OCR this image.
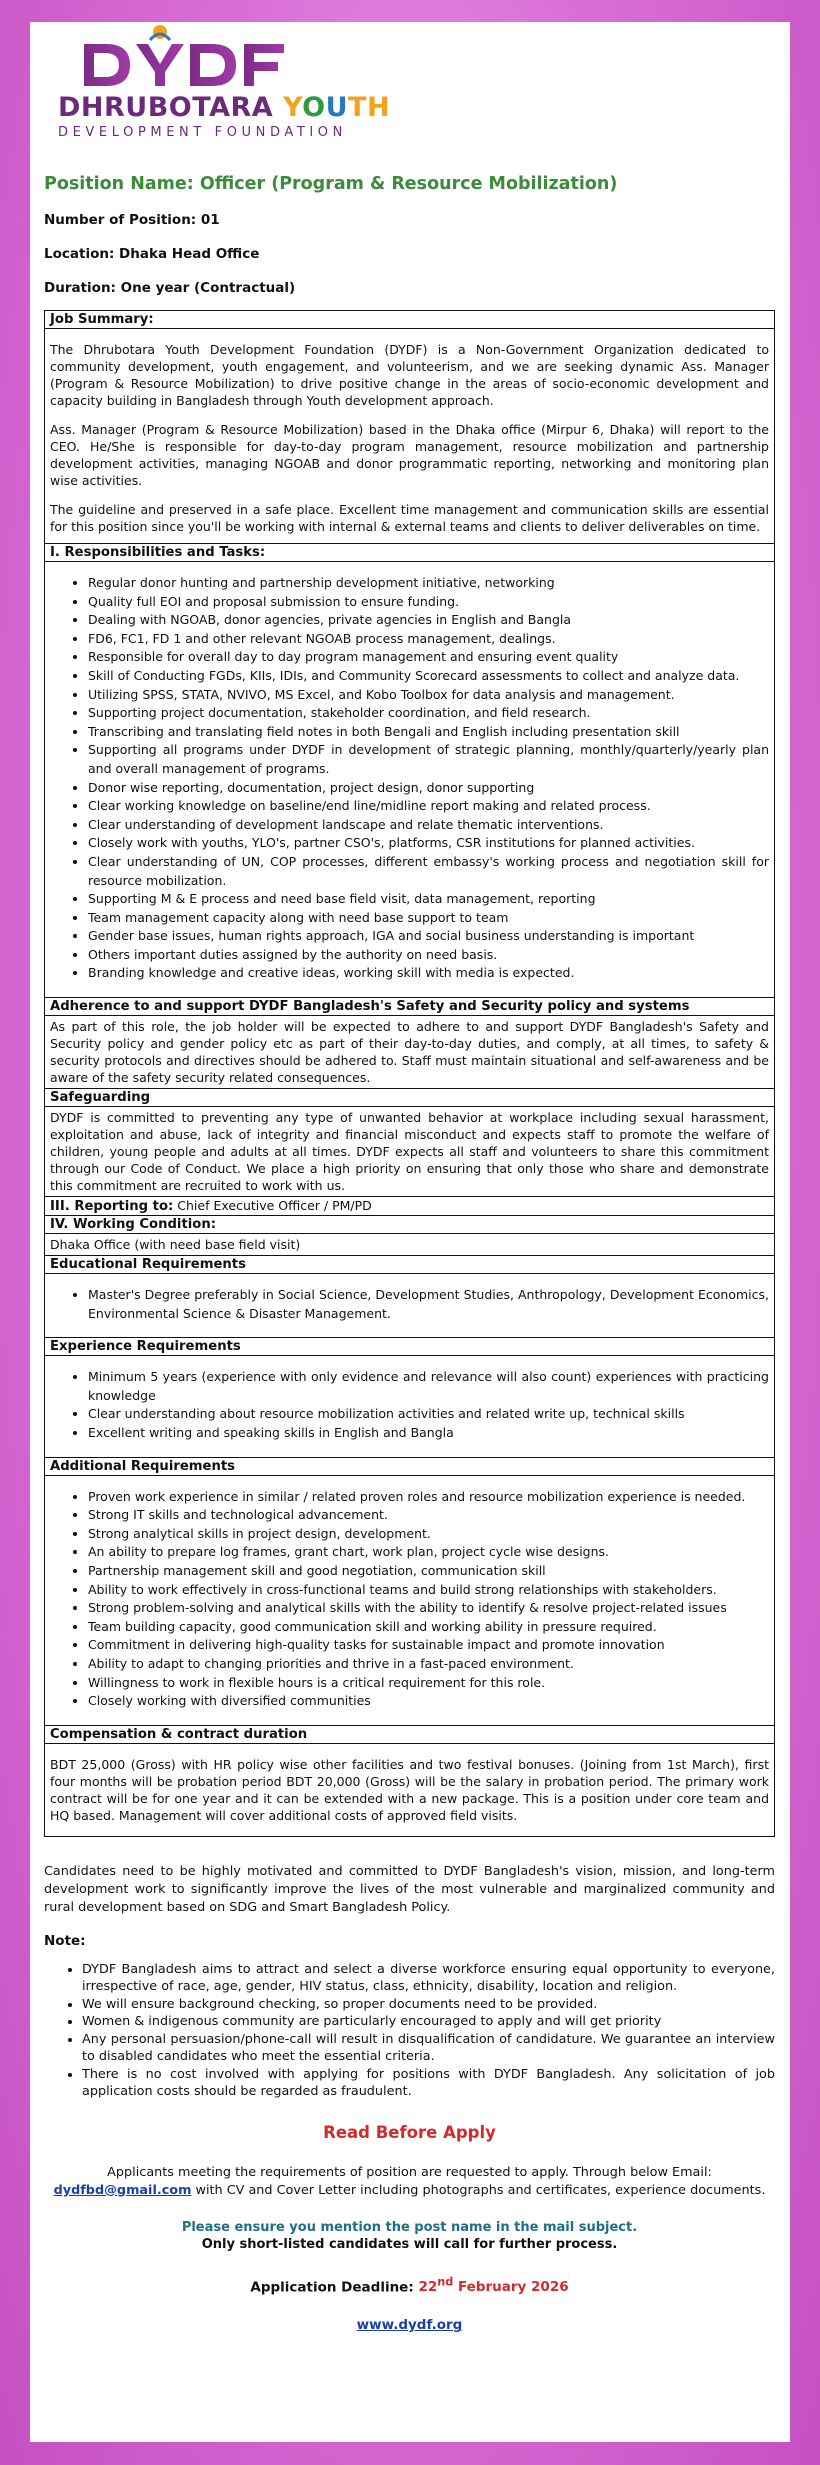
DHRUBOTARA YOUTH
DEVELOPMENT FOUNDATION
Position Name: Officer (Program & Resource Mobilization)
Number of Position: 01
Location: Dhaka Head Office
Duration: One year (Contractual)
Job Summary:

The Dhrubotara Youth Development Foundation (DYDF) is a Non-Government Organization dedicated to community development, youth engagement, and volunteerism, and we are seeking dynamic Ass. Manager (Program & Resource Mobilization) to drive positive change in the areas of socio-economic development and capacity building in Bangladesh through Youth development approach.

Ass. Manager (Program & Resource Mobilization) based in the Dhaka office (Mirpur 6, Dhaka) will report to the CEO. He/She is responsible for day-to-day program management, resource mobilization and partnership development activities, managing NGOAB and donor programmatic reporting, networking and monitoring plan wise activities.

The guideline and preserved in a safe place. Excellent time management and communication skills are essential for this position since you'll be working with internal & external teams and clients to deliver deliverables on time.

I. Responsibilities and Tasks:
• Regular donor hunting and partnership development initiative, networking
• Quality full EOI and proposal submission to ensure funding.
• Dealing with NGOAB, donor agencies, private agencies in English and Bangla
• FD6, FC1, FD 1 and other relevant NGOAB process management, dealings.
• Responsible for overall day to day program management and ensuring event quality
• Skill of Conducting FGDs, KIIs, IDIs, and Community Scorecard assessments to collect and analyze data.
• Utilizing SPSS, STATA, NVIVO, MS Excel, and Kobo Toolbox for data analysis and management.
• Supporting project documentation, stakeholder coordination, and field research.
• Transcribing and translating field notes in both Bengali and English including presentation skill
• Supporting all programs under DYDF in development of strategic planning, monthly/quarterly/yearly plan and overall management of programs.
• Donor wise reporting, documentation, project design, donor supporting
• Clear working knowledge on baseline/end line/midline report making and related process.
• Clear understanding of development landscape and relate thematic interventions.
• Closely work with youths, YLO's, partner CSO's, platforms, CSR institutions for planned activities.
• Clear understanding of UN, COP processes, different embassy's working process and negotiation skill for resource mobilization.
• Supporting M & E process and need base field visit, data management, reporting
• Team management capacity along with need base support to team
• Gender base issues, human rights approach, IGA and social business understanding is important
• Others important duties assigned by the authority on need basis.
• Branding knowledge and creative ideas, working skill with media is expected.
Adherence to and support DYDF Bangladesh's Safety and Security policy and systems

As part of this role, the job holder will be expected to adhere to and support DYDF Bangladesh's Safety and Security policy and gender policy etc as part of their day-to-day duties, and comply, at all times, to safety & security protocols and directives should be adhered to. Staff must maintain situational and self-awareness and be aware of the safety security related consequences.

Safeguarding

DYDF is committed to preventing any type of unwanted behavior at workplace including sexual harassment, exploitation and abuse, lack of integrity and financial misconduct and expects staff to promote the welfare of children, young people and adults at all times. DYDF expects all staff and volunteers to share this commitment through our Code of Conduct. We place a high priority on ensuring that only those who share and demonstrate this commitment are recruited to work with us.

III. Reporting to: Chief Executive Officer / PM/PD
IV. Working Condition:

Dhaka Office (with need base field visit)

Educational Requirements
• Master's Degree preferably in Social Science, Development Studies, Anthropology, Development Economics, Environmental Science & Disaster Management.
Experience Requirements
• Minimum 5 years (experience with only evidence and relevance will also count) experiences with practicing knowledge
• Clear understanding about resource mobilization activities and related write up, technical skills
• Excellent writing and speaking skills in English and Bangla
Additional Requirements
• Proven work experience in similar / related proven roles and resource mobilization experience is needed.
• Strong IT skills and technological advancement.
• Strong analytical skills in project design, development.
• An ability to prepare log frames, grant chart, work plan, project cycle wise designs.
• Partnership management skill and good negotiation, communication skill
• Ability to work effectively in cross-functional teams and build strong relationships with stakeholders.
• Strong problem-solving and analytical skills with the ability to identify & resolve project-related issues
• Team building capacity, good communication skill and working ability in pressure required.
• Commitment in delivering high-quality tasks for sustainable impact and promote innovation
• Ability to adapt to changing priorities and thrive in a fast-paced environment.
• Willingness to work in flexible hours is a critical requirement for this role.
• Closely working with diversified communities
Compensation & contract duration

BDT 25,000 (Gross) with HR policy wise other facilities and two festival bonuses. (Joining from 1st March), first four months will be probation period BDT 20,000 (Gross) will be the salary in probation period. The primary work contract will be for one year and it can be extended with a new package. This is a position under core team and HQ based. Management will cover additional costs of approved field visits.

Candidates need to be highly motivated and committed to DYDF Bangladesh's vision, mission, and long-term development work to significantly improve the lives of the most vulnerable and marginalized community and rural development based on SDG and Smart Bangladesh Policy.

Note:
• DYDF Bangladesh aims to attract and select a diverse workforce ensuring equal opportunity to everyone, irrespective of race, age, gender, HIV status, class, ethnicity, disability, location and religion.
• We will ensure background checking, so proper documents need to be provided.
• Women & indigenous community are particularly encouraged to apply and will get priority
• Any personal persuasion/phone-call will result in disqualification of candidature. We guarantee an interview to disabled candidates who meet the essential criteria.
• There is no cost involved with applying for positions with DYDF Bangladesh. Any solicitation of job application costs should be regarded as fraudulent.
Read Before Apply
Applicants meeting the requirements of position are requested to apply. Through below Email:
dydfbd@gmail.com with CV and Cover Letter including photographs and certificates, experience documents.
Please ensure you mention the post name in the mail subject.
Only short-listed candidates will call for further process.
Application Deadline: 22nd February 2026
www.dydf.org
